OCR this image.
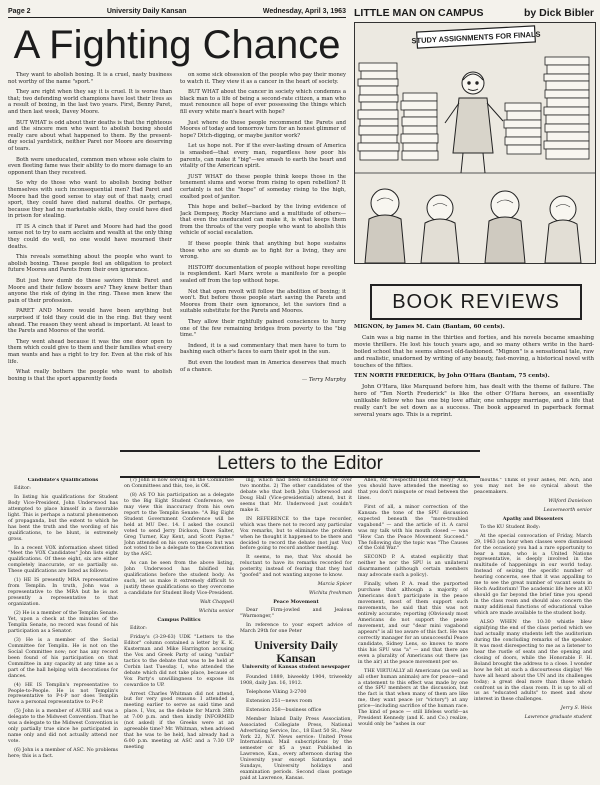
Page 2	University Daily Kansan	Wednesday, April 3, 1963
A Fighting Chance

They want to abolish boxing. It is a cruel, nasty business not worthy of the name "sport."

They are right when they say it is cruel. It is worse than that; two defending world champions have lost their lives as a result of boxing, in the last two years. First, Benny Paret, and then last week, Davey Moore.

BUT WHAT is odd about their deaths is that the righteous and the sincere men who want to abolish boxing should really care about what happened to them. By the present-day social yardstick, neither Paret nor Moore are deserving of tears.

Both were uneducated, common men whose sole claim to even fleeting fame was their ability to do more damage to an opponent than they received.

So why do those who want to abolish boxing bother themselves with such inconsequential men? Had Paret and Moore had the good sense to stay out of that nasty, cruel sport, they could have died natural deaths. Or perhaps, because they had no marketable skills, they could have died in prison for stealing.

IT IS A cinch that if Paret and Moore had had the good sense not to try to earn acclaim and wealth at the only thing they could do well, no one would have mourned their deaths.

This reveals something about the people who want to abolish boxing. These people feel an obligation to protect future Moores and Parets from their own ignorance.

But just how dumb do these saviors think Paret and Moore and their fellow boxers are? They knew better than anyone the risk of dying in the ring. These men knew the pain of their profession.

PARET AND Moore would have been anything but surprised if told they could die in the ring. But they went ahead. The reason they went ahead is important. At least to the Parets and Moores of the world.

They went ahead because it was the one door open to them which could give to them and their families what every man wants and has a right to try for. Even at the risk of his life.

What really bothers the people who want to abolish boxing is that the sport apparently feeds

on some sick obsession of the people who pay their money to watch it. They view it as a cancer in the heart of society.

BUT WHAT about the cancer in society which condemns a black man to a life of being a second-rate citizen, a man who must renounce all hope of ever possessing the things which fill every white man's heart with hope?

Just where do these people recommend the Parets and Moores of today and tomorrow turn for an honest glimmer of hope? Ditch-digging, or maybe janitor work?

Let us hope not. For if the ever-lasting dream of America is smashed—that every man, regardless how poor his parents, can make it "big"—we smash to earth the heart and vitality of the American spirit.

JUST WHAT do these people think keeps those in the tenement slums and worse from rising to open rebellion? It certainly is not the "hope" of someday rising to the high, exalted post of janitor.

This hope and belief—backed by the living evidence of Jack Dempsey, Rocky Marciano and a multitude of others—that even the uneducated can make it, is what keeps them from the throats of the very people who want to abolish this vehicle of social escalation.

If these people think that anything but hope sustains those who are so dumb as to fight for a living, they are wrong.

HISTORY documentation of people without hope revolting is resplendent. Karl Marx wrote a manifesto for a people sealed off from the top without hope.

Not that open revolt will follow the abolition of boxing; it won't. But before those people start saving the Parets and Moores from their own ignorance, let the saviors find a suitable substitute for the Parets and Moores.

They allow their rightfully pained consciences to hurry one of the few remaining bridges from poverty to the "big time."

Indeed, it is a sad commentary that men have to turn to bashing each other's faces to earn their spot in the sun.

But even the loudest man in America deserves that much of a chance.

— Terry Murphy
LITTLE MAN ON CAMPUS	by Dick Bibler
STUDY ASSIGNMENTS FOR FINALS
BOOK REVIEWS

MIGNON, by James M. Cain (Bantam, 60 cents).

Cain was a big name in the thirties and forties, and his novels became smashing movie thrillers. He lost his touch years ago, and so many others write in the hard-boiled school that he seems almost old-fashioned. "Mignon" is a sensational tale, raw and realistic, unadorned by writing of any beauty, fast-moving, a historical novel with touches of the fifties.

TEN NORTH FREDERICK, by John O'Hara (Bantam, 75 cents).

John O'Hara, like Marquand before him, has dealt with the theme of failure. The hero of "Ten North Frederick" is like the other O'Hara heroes, an essentially unlikable fellow who has one big love affair, one unhappy marriage, and a life that really can't be set down as a success. The book appeared in paperback format several years ago. This is a reprint.

Letters to the Editor

Candidate's Qualifications

Editor:

In listing his qualifications for Student Body Vice-President, John Underwood has attempted to place himself in a favorable light. This is perhaps a natural phenomenon of propaganda, but the extent to which he has bent the truth and the wording of his qualifications, to be blunt, is extremely gross.

In a recent VOX information sheet titled "Meet the VOX Candidates" John lists eight qualifications. Of these eight, six are either completely inaccurate, or so partially so. These qualifications are listed as follows:

(1) HE IS presently MRA representative from Templin. In truth, John was a representative to the MRA but he is not presently a representative to that organization.

(2) He is a member of the Templin Senate. Yet, upon a check at the minutes of the Templin Senate, no record was found of his participation as a Senator.

(3) He is a member of the Social Committee for Templin. He is not on the Social Committee now; nor has any record been found of his participation on that Committee in any capacity at any time as a part of the hall helping with decorations for dances.

(4) HE IS Templin's representative to People-to-People. He is not Templin's representative to P-t-P nor does Templin have a personal representative to P-t-P.

(5) John is a member of AURH and was a delegate to the Midwest Convention. That he was a delegate to the Midwest Convention is only partially true since he participated in name only and did not actually attend nor vote.

(6) John is a member of ASC. No problems here; this is a fact.

(7) John is now serving on the Committee on Committees and this, too, is OK.

(8) AS TO his participation as a delegate to the Big Eight Student Conference, we may view this inaccuracy from his own report to the Templin Senate: "A Big Eight Student Government Conference will be held at MU Dec. 14. I asked the council voted to send Jerry Dickson, Dave Salter, Greg Turner, Kay Kent, and Scott Payne." John attended on his own expenses but was not voted to be a delegate to the Convention by the ASC.

As can be seen from the above listing, John Underwood has falsified his qualifications before the student body. As such, let us make it extremely difficult to justify these qualifications so they overcome a candidate for Student Body Vice-President.

Walt Chappell

Wichita senior

Campus Politics

Editor:

Friday's (3-29-63) UDK "Letters to the Editor" column contained a letter by K. K. Kusterman and Mike Harrington accusing the Vox and Greek Party of using "unfair" tactics to the debate that was to be held at Corbin last Tuesday. I, who attended the debate which did not take place, because of Vox Party's unwillingness to expose its cowardice to UP.

Arrest Charles Whitman did not attend, but for very good reasons: I attended a meeting earlier to serve as said time and place. I, Vox, as the debate for March 28th at 7:00 p.m. and then kindly INFORMED (not asked) if the Greeks were at an agreeable time? Mr. Whitman, when advised that he was to be held, had already had a 6:00 p.m. meeting at ASC and a 7:30 UP meeting

ing, which had been scheduled for over two months. 2) The other candidates of the debate who that both John Underwood and Doug Hall (Vice-presidential) attend, but it seems that Mr. Underwood just couldn't make it.

IN REFERENCE to the tape recorder, which was there not to record any particular Vox remarks, but to eliminate the problem when he thought it happened to be there and decided to record the debate (not just Vox) before going to record another meeting.

It seems, to me, that Vox should be reluctant to have its remarks recorded for posterity, instead of fearing that they had "goofed" and not wanting anyone to know.

Marcia Spicer

Wichita freshman

Peace Movement

Dear Firm-jowled and Jealous "Warmonger,"

In reference to your expert advice of March 29th for one Peter

University Daily Kansan
University of Kansas student newspaper

Founded 1889, biweekly 1904, triweekly 1908, daily Jan. 16, 1912.

Telephone Viking 3-2700

Extension 251—news room

Extension 358—business office

Member Inland Daily Press Association, Associated Collegiate Press, National Advertising Service, Inc., 18 East 50 St., New York 22, N.Y. News service: United Press International. Mail subscriptions by the semester or $5 a year. Published in Lawrence, Kan., every afternoon during the University year except Saturdays and Sundays, University holidays and examination periods. Second class postage paid at Lawrence, Kansas.

Allen, Mr. "respectful (but not very)" Ach, you should have attended the meeting so that you don't misquote or read between the lines.

First of all, a minor correction of the Kansan: the tone of the SPU discussion expected beneath the "more-troubled vagabond" — and the article of it. A carol was my talk with his mouth closed — was "How Can the Peace Movement Succeed." The following day the topic was "The Causes of the Cold War."

SECOND P. A. stated explicitly that neither he nor the SPU is an unilateral disarmament (although certain members may advocate such a policy).

Finally, when P. A. read the purported purchase that although a majority of Americans don't participate in the peace movement, most of them support such movements, he said that this was not entirely accurate; reporting (Obviously most Americans do not support the peace movement, and our "dear mini vagabond appears" is all too aware of this fact. He was correctly manager for an unsuccessful Peace candidate, Sidney Lens, so knows to more this his SPU was "a" — and that there are even a plurality of Americans out there (as in the air) at the peace movement per se.

THE VIRTUALLY all Americans (as well as all other human animals) are for peace—and a statement to this effect was made by one of the SPU members at the discussion, but the fact is that when many of them are like me, they want peace (or "victory") at any price—including sacrifice of the human race. The kind of peace — still lifeless world—as President Kennedy (and K. and Co.) realize, would only be "ashes in our

mouths." Think of your ashes, Mr. Ach, and you may not be so cynical about the peacemakers.

Wilford Danielson

Leavenworth senior

Apathy and Dissenters

To the KU Student Body:

At the special convocation of Friday, March 29, 1963 (an hour when classes were dismissed for the occasion) you had a rare opportunity to hear a man, who is a United Nations representative, is deeply involved in the multitude of happenings in our world today. Instead of seizing the specific number of hearing concerns, see that it was appalling to me to see the great number of vacant seats in Hoch Auditorium! The academic life here at KU should go far beyond the brief time you spend in the class room and should also concern the many additional functions of educational value which are made available to the student body.

ALSO WHEN the 10:30 whistle blew signifying the end of the class period which we had actually many students left the auditorium during the concluding remarks of the speaker. It was most disrespecting to me as a listener to hear the rustle of seats and the opening and closing of doors, while the Honorable F. H. Boland brought the address to a close. I wonder how he felt at such a discourteous display! We have all heard about the UN and its challenges today; a great deal more than those which confront us in the class room. It is up to all of us as "educated adults" to meet and show interest in these challenges.

Jerry S. Weis

Lawrence graduate student
